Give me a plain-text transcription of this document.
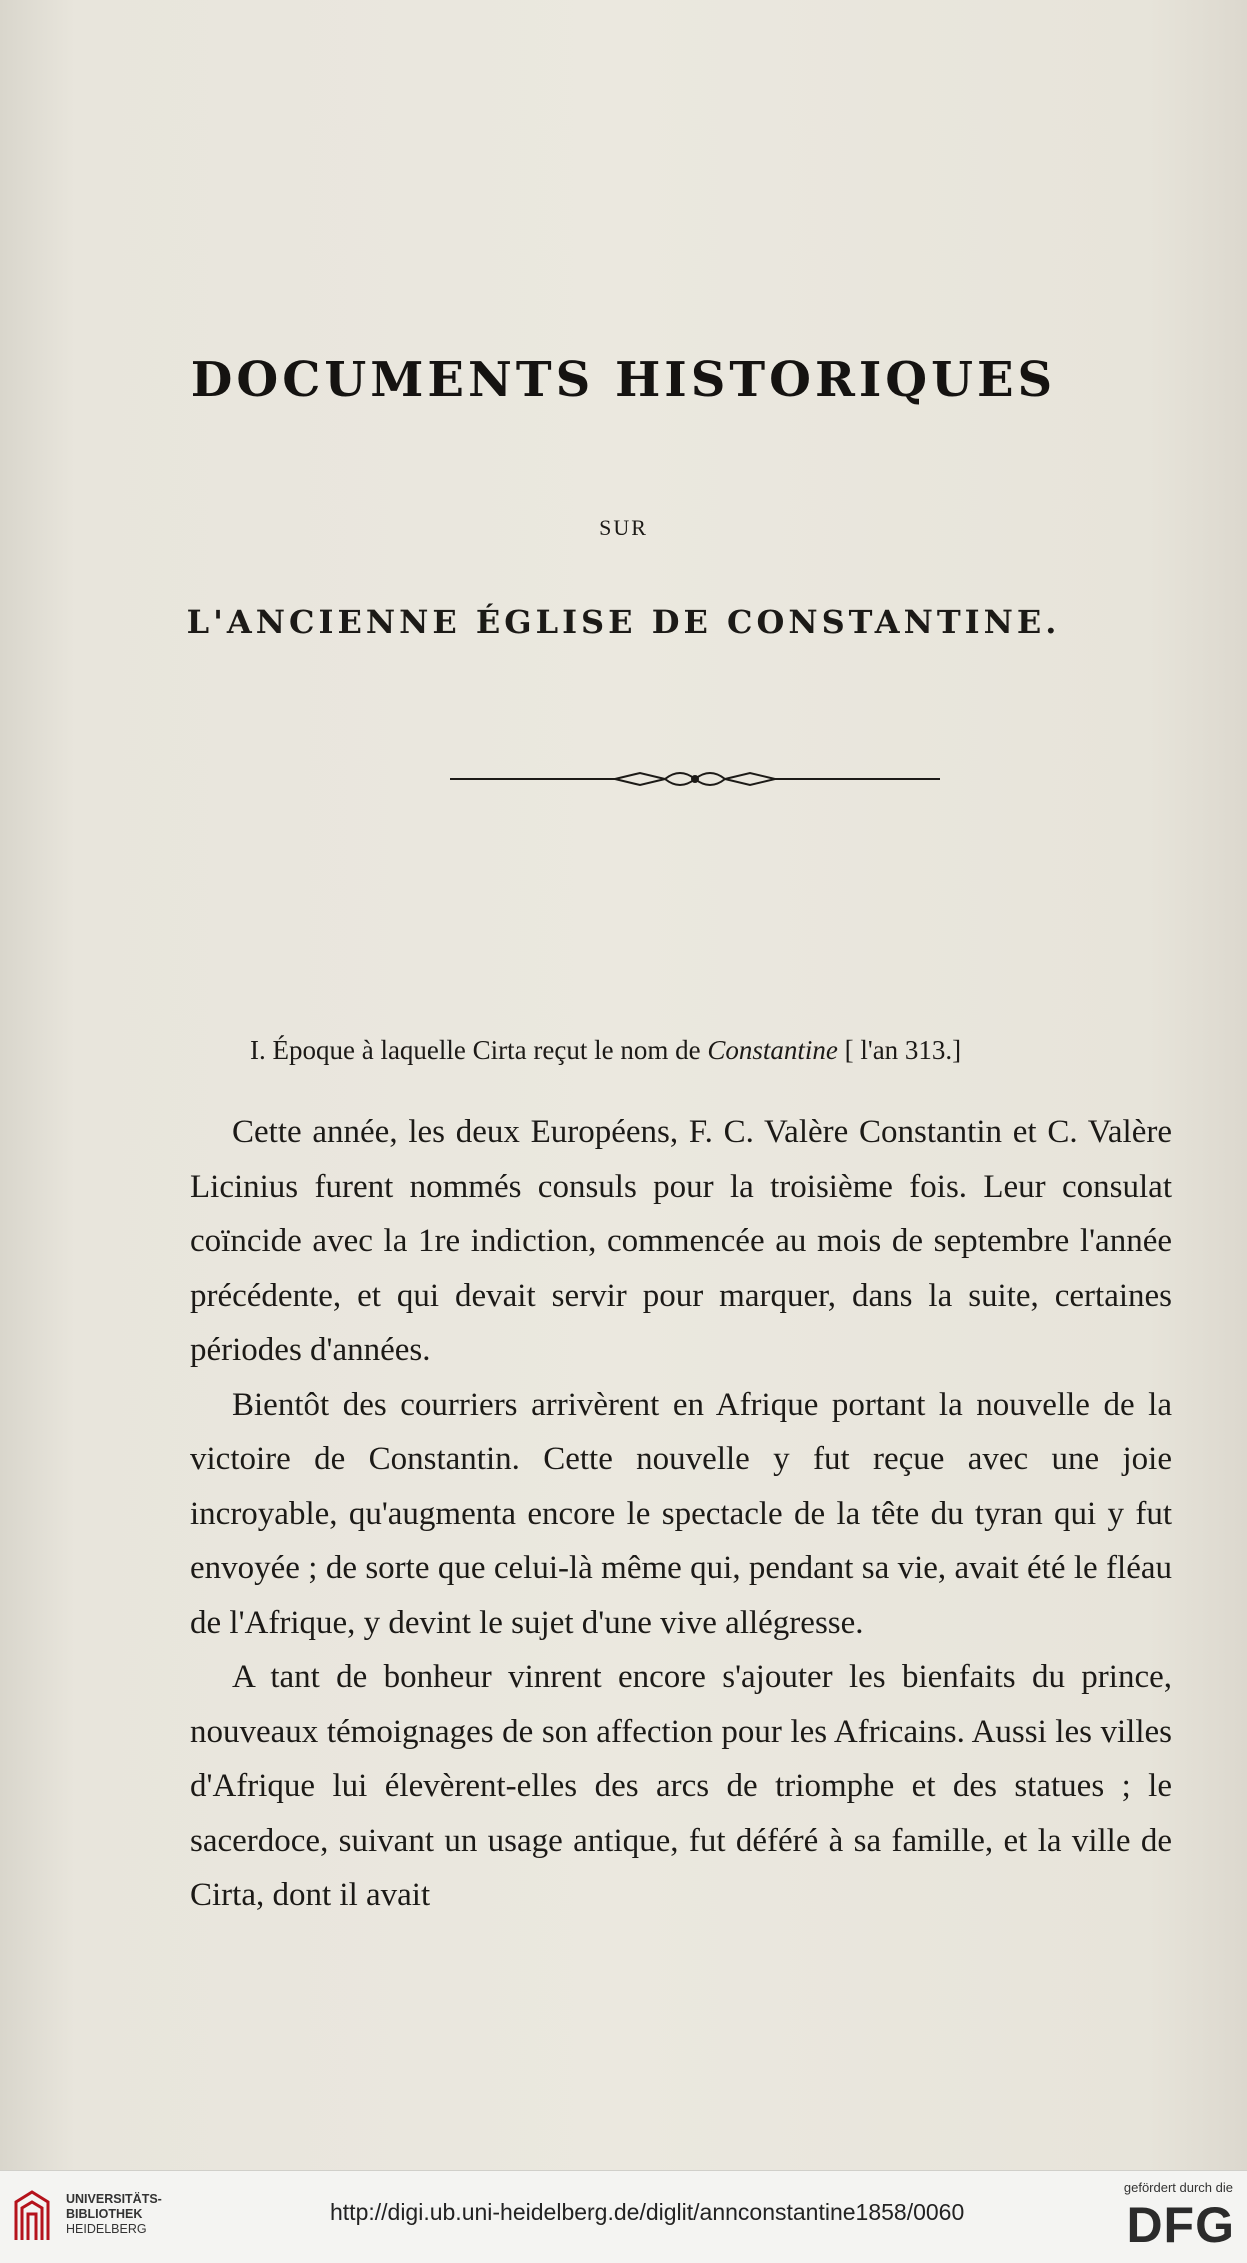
DOCUMENTS HISTORIQUES
SUR
L'ANCIENNE ÉGLISE DE CONSTANTINE.
I. Époque à laquelle Cirta reçut le nom de Constantine [ l'an 313.]

Cette année, les deux Européens, F. C. Valère Constantin et C. Valère Licinius furent nommés consuls pour la troisième fois. Leur consulat coïncide avec la 1re indiction, commencée au mois de septembre l'année précédente, et qui devait servir pour marquer, dans la suite, certaines périodes d'années.

Bientôt des courriers arrivèrent en Afrique portant la nouvelle de la victoire de Constantin. Cette nouvelle y fut reçue avec une joie incroyable, qu'augmenta encore le spectacle de la tête du tyran qui y fut envoyée ; de sorte que celui-là même qui, pendant sa vie, avait été le fléau de l'Afrique, y devint le sujet d'une vive allégresse.

A tant de bonheur vinrent encore s'ajouter les bienfaits du prince, nouveaux témoignages de son affection pour les Africains. Aussi les villes d'Afrique lui élevèrent-elles des arcs de triomphe et des statues ; le sacerdoce, suivant un usage antique, fut déféré à sa famille, et la ville de Cirta, dont il avait

UNIVERSITÄTS-
BIBLIOTHEK
HEIDELBERG
http://digi.ub.uni-heidelberg.de/diglit/annconstantine1858/0060
gefördert durch die
DFG
